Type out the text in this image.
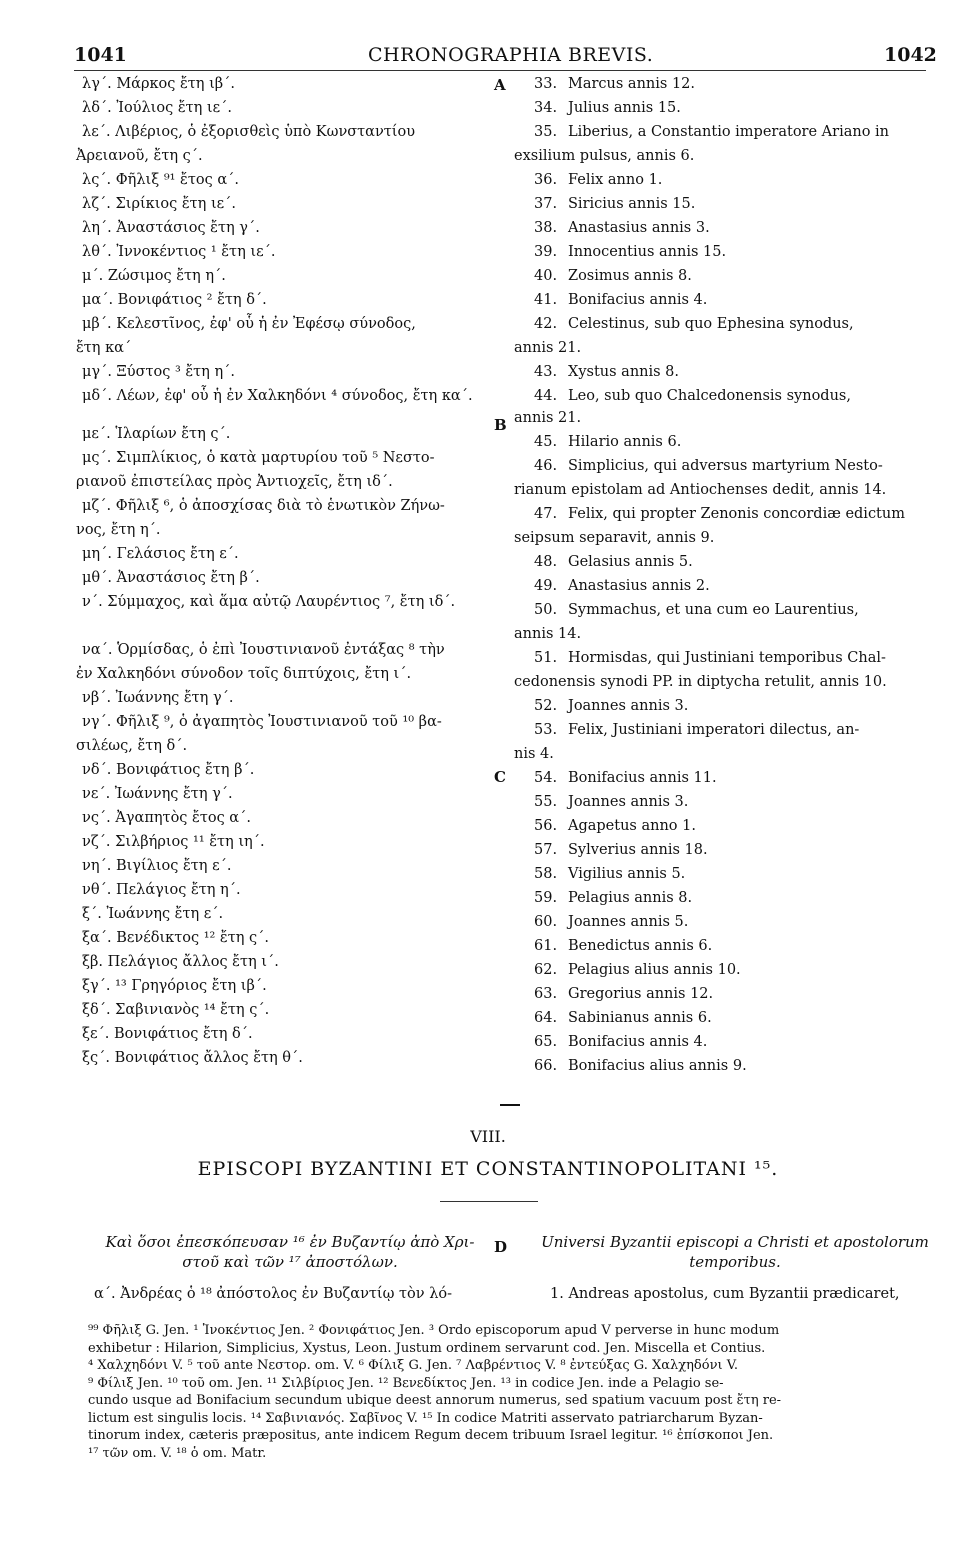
1041	CHRONOGRAPHIA BREVIS.	1042
λγ΄. Μάρκος ἔτη ιβ΄.
λδ΄. Ἰούλιος ἔτη ιε΄.
λε΄. Λιβέριος, ὁ ἐξορισθεὶς ὑπὸ Κωνσταντίου
Ἀρειανοῦ, ἔτη ς΄.
λς΄. Φῆλιξ ⁹¹ ἔτος α΄.
λζ΄. Σιρίκιος ἔτη ιε΄.
λη΄. Ἀναστάσιος ἔτη γ΄.
λθ΄. Ἰννοκέντιος ¹ ἔτη ιε΄.
μ΄. Ζώσιμος ἔτη η΄.
μα΄. Βονιφάτιος ² ἔτη δ΄.
μβ΄. Κελεστῖνος, ἐφ' οὗ ἡ ἐν Ἐφέσῳ σύνοδος,
ἔτη κα΄
μγ΄. Ξύστος ³ ἔτη η΄.
μδ΄. Λέων, ἐφ' οὗ ἡ ἐν Χαλκηδόνι ⁴ σύνοδος, ἔτη κα΄.
με΄. Ἱλαρίων ἔτη ς΄.
μς΄. Σιμπλίκιος, ὁ κατὰ μαρτυρίου τοῦ ⁵ Νεστο-
ριανοῦ ἐπιστείλας πρὸς Ἀντιοχεῖς, ἔτη ιδ΄.
μζ΄. Φῆλιξ ⁶, ὁ ἀποσχίσας διὰ τὸ ἑνωτικὸν Ζήνω-
νος, ἔτη η΄.
μη΄. Γελάσιος ἔτη ε΄.
μθ΄. Ἀναστάσιος ἔτη β΄.
ν΄. Σύμμαχος, καὶ ἅμα αὐτῷ Λαυρέντιος ⁷, ἔτη ιδ΄.
να΄. Ὁρμίσδας, ὁ ἐπὶ Ἰουστινιανοῦ ἐντάξας ⁸ τὴν
ἐν Χαλκηδόνι σύνοδον τοῖς διπτύχοις, ἔτη ι΄.
νβ΄. Ἰωάννης ἔτη γ΄.
νγ΄. Φῆλιξ ⁹, ὁ ἀγαπητὸς Ἰουστινιανοῦ τοῦ ¹⁰ βα-
σιλέως, ἔτη δ΄.
νδ΄. Βονιφάτιος ἔτη β΄.
νε΄. Ἰωάννης ἔτη γ΄.
νς΄. Ἀγαπητὸς ἔτος α΄.
νζ΄. Σιλβήριος ¹¹ ἔτη ιη΄.
νη΄. Βιγίλιος ἔτη ε΄.
νθ΄. Πελάγιος ἔτη η΄.
ξ΄. Ἰωάννης ἔτη ε΄.
ξα΄. Βενέδικτος ¹² ἔτη ς΄.
ξβ. Πελάγιος ἄλλος ἔτη ι΄.
ξγ΄. ¹³ Γρηγόριος ἔτη ιβ΄.
ξδ΄. Σαβινιανὸς ¹⁴ ἔτη ς΄.
ξε΄. Βονιφάτιος ἔτη δ΄.
ξς΄. Βονιφάτιος ἄλλος ἔτη θ΄.
A
B
C
D
33. Marcus annis 12.
34. Julius annis 15.
35. Liberius, a Constantio imperatore Ariano in
exsilium pulsus, annis 6.
36. Felix anno 1.
37. Siricius annis 15.
38. Anastasius annis 3.
39. Innocentius annis 15.
40. Zosimus annis 8.
41. Bonifacius annis 4.
42. Celestinus, sub quo Ephesina synodus,
annis 21.
43. Xystus annis 8.
44. Leo, sub quo Chalcedonensis synodus,
annis 21.
45. Hilario annis 6.
46. Simplicius, qui adversus martyrium Nesto-
rianum epistolam ad Antiochenses dedit, annis 14.
47. Felix, qui propter Zenonis concordiæ edictum
seipsum separavit, annis 9.
48. Gelasius annis 5.
49. Anastasius annis 2.
50. Symmachus, et una cum eo Laurentius,
annis 14.
51. Hormisdas, qui Justiniani temporibus Chal-
cedonensis synodi PP. in diptycha retulit, annis 10.
52. Joannes annis 3.
53. Felix, Justiniani imperatori dilectus, an-
nis 4.
54. Bonifacius annis 11.
55. Joannes annis 3.
56. Agapetus anno 1.
57. Sylverius annis 18.
58. Vigilius annis 5.
59. Pelagius annis 8.
60. Joannes annis 5.
61. Benedictus annis 6.
62. Pelagius alius annis 10.
63. Gregorius annis 12.
64. Sabinianus annis 6.
65. Bonifacius annis 4.
66. Bonifacius alius annis 9.
VIII.
EPISCOPI BYZANTINI ET CONSTANTINOPOLITANI ¹⁵.
Καὶ ὅσοι ἐπεσκόπευσαν ¹⁶ ἐν Βυζαντίῳ ἀπὸ Χρι-
στοῦ καὶ τῶν ¹⁷ ἀποστόλων.
Universi Byzantii episcopi a Christi et apostolorum
temporibus.
α΄. Ἀνδρέας ὁ ¹⁸ ἀπόστολος ἐν Βυζαντίῳ τὸν λό-	1. Andreas apostolus, cum Byzantii prædicaret,
⁹⁹ Φῆλιξ G. Jen. ¹ Ἰνοκέντιος Jen. ² Φονιφάτιος Jen. ³ Ordo episcoporum apud V perverse in hunc modum
exhibetur : Hilarion, Simplicius, Xystus, Leon. Justum ordinem servarunt cod. Jen. Miscella et Contius.
⁴ Χαλχηδόνι V. ⁵ τοῦ ante Νεστορ. om. V. ⁶ Φίλιξ G. Jen. ⁷ Λαβρέντιος V. ⁸ ἐντεύξας G. Χαλχηδόνι V.
⁹ Φίλιξ Jen. ¹⁰ τοῦ om. Jen. ¹¹ Σιλβίριος Jen. ¹² Βενεδίκτος Jen. ¹³ in codice Jen. inde a Pelagio se-
cundo usque ad Bonifacium secundum ubique deest annorum numerus, sed spatium vacuum post ἔτη re-
lictum est singulis locis. ¹⁴ Σαβινιανός. Σαβῖνος V. ¹⁵ In codice Matriti asservato patriarcharum Byzan-
tinorum index, cæteris præpositus, ante indicem Regum decem tribuum Israel legitur. ¹⁶ ἐπίσκοποι Jen.
¹⁷ τῶν om. V. ¹⁸ ὁ om. Matr.
